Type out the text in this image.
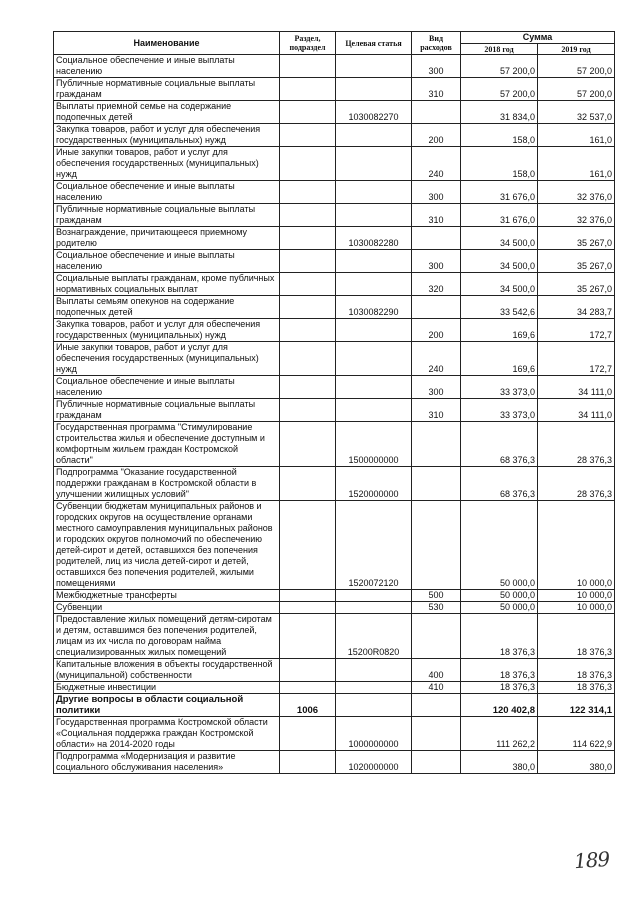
Наименование	Раздел, подраздел	Целевая статья	Вид расходов	Сумма	
				2018 год	2019 год
Социальное обеспечение и иные выплаты населению			300	57 200,0	57 200,0
Публичные нормативные социальные выплаты гражданам			310	57 200,0	57 200,0
Выплаты приемной семье на содержание подопечных детей		1030082270		31 834,0	32 537,0
Закупка товаров, работ и услуг для обеспечения государственных (муниципальных) нужд			200	158,0	161,0
Иные закупки товаров, работ и услуг для обеспечения государственных (муниципальных) нужд			240	158,0	161,0
Социальное обеспечение и иные выплаты населению			300	31 676,0	32 376,0
Публичные нормативные социальные выплаты гражданам			310	31 676,0	32 376,0
Вознаграждение, причитающееся приемному родителю		1030082280		34 500,0	35 267,0
Социальное обеспечение и иные выплаты населению			300	34 500,0	35 267,0
Социальные выплаты гражданам, кроме публичных нормативных социальных выплат			320	34 500,0	35 267,0
Выплаты семьям опекунов на содержание подопечных детей		1030082290		33 542,6	34 283,7
Закупка товаров, работ и услуг для обеспечения государственных (муниципальных) нужд			200	169,6	172,7
Иные закупки товаров, работ и услуг для обеспечения государственных (муниципальных) нужд			240	169,6	172,7
Социальное обеспечение и иные выплаты населению			300	33 373,0	34 111,0
Публичные нормативные социальные выплаты гражданам			310	33 373,0	34 111,0
Государственная программа "Стимулирование строительства жилья и обеспечение доступным и комфортным жильем граждан Костромской области"		1500000000		68 376,3	28 376,3
Подпрограмма "Оказание государственной поддержки гражданам в Костромской области в улучшении жилищных условий"		1520000000		68 376,3	28 376,3
Субвенции бюджетам муниципальных районов и городских округов на осуществление органами местного самоуправления муниципальных районов и городских округов полномочий по обеспечению детей-сирот и детей, оставшихся без попечения родителей, лиц из числа детей-сирот и детей, оставшихся без попечения родителей, жилыми помещениями		1520072120		50 000,0	10 000,0
Межбюджетные трансферты			500	50 000,0	10 000,0
Субвенции			530	50 000,0	10 000,0
Предоставление жилых помещений детям-сиротам и детям, оставшимся без попечения родителей, лицам из их числа по договорам найма специализированных жилых помещений		15200R0820		18 376,3	18 376,3
Капитальные вложения в объекты государственной (муниципальной) собственности			400	18 376,3	18 376,3
Бюджетные инвестиции			410	18 376,3	18 376,3
Другие вопросы в области социальной политики	1006			120 402,8	122 314,1
Государственная программа Костромской области «Социальная поддержка граждан Костромской области» на 2014-2020 годы		1000000000		111 262,2	114 622,9
Подпрограмма «Модернизация и развитие социального обслуживания населения»		1020000000		380,0	380,0
189
